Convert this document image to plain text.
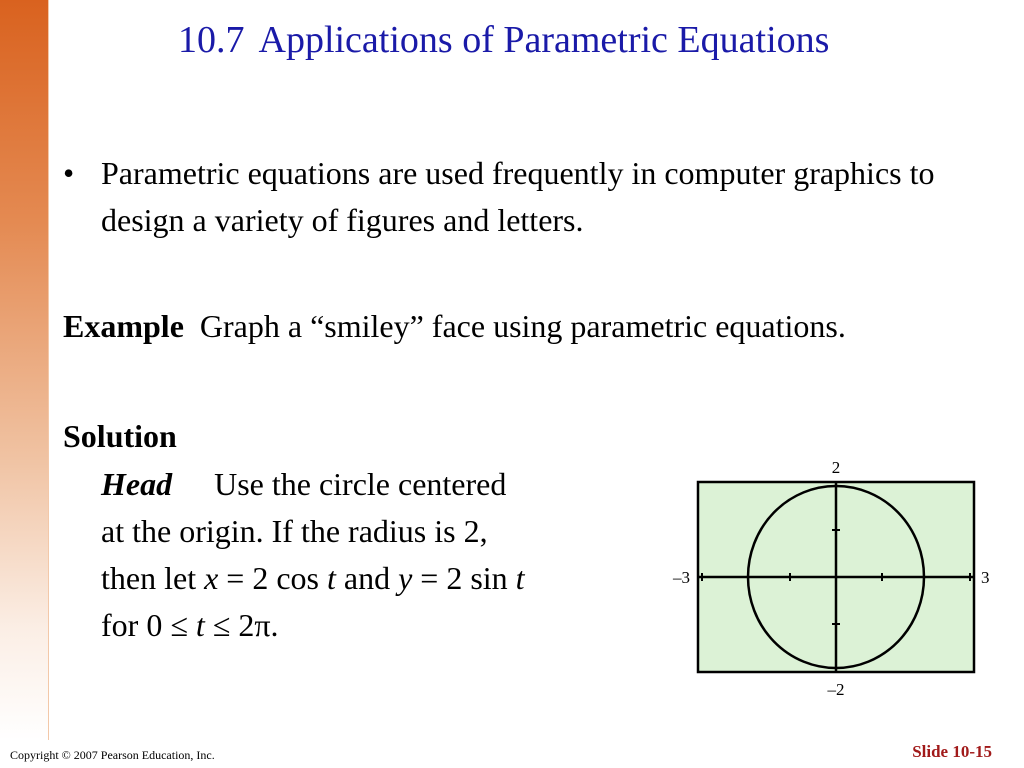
10.7 Applications of Parametric Equations
• Parametric equations are used frequently in computer graphics to design a variety of figures and letters.
Example Graph a “smiley” face using parametric equations.
Solution
Head Use the circle centered
at the origin. If the radius is 2,
then let x = 2 cos t and y = 2 sin t
for 0 ≤ t ≤ 2π.
2
–2
–3	3
Copyright © 2007 Pearson Education, Inc.	Slide 10-15
